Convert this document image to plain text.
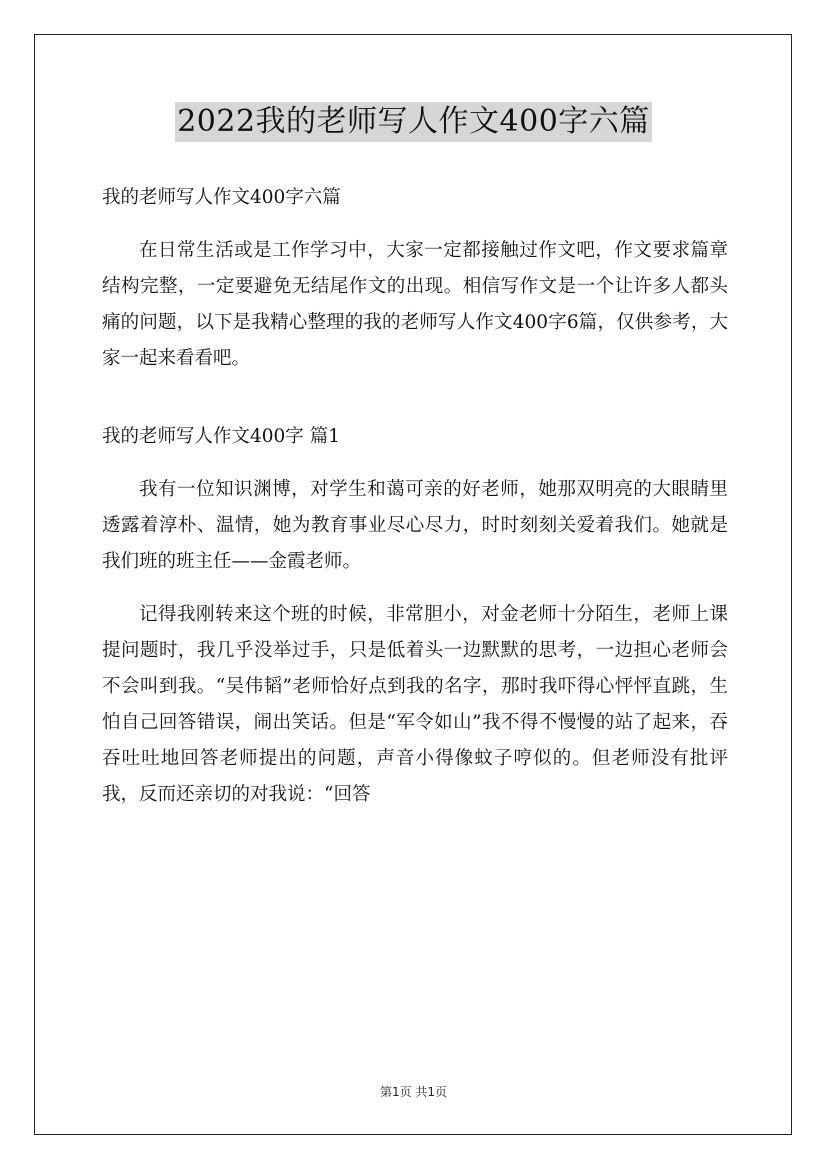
2022我的老师写人作文400字六篇

我的老师写人作文400字六篇

在日常生活或是工作学习中，大家一定都接触过作文吧，作文要求篇章结构完整，一定要避免无结尾作文的出现。相信写作文是一个让许多人都头痛的问题，以下是我精心整理的我的老师写人作文400字6篇，仅供参考，大家一起来看看吧。

我的老师写人作文400字 篇1

我有一位知识渊博，对学生和蔼可亲的好老师，她那双明亮的大眼睛里透露着淳朴、温情，她为教育事业尽心尽力，时时刻刻关爱着我们。她就是我们班的班主任——金霞老师。

记得我刚转来这个班的时候，非常胆小，对金老师十分陌生，老师上课提问题时，我几乎没举过手，只是低着头一边默默的思考，一边担心老师会不会叫到我。“吴伟韬”老师恰好点到我的名字，那时我吓得心怦怦直跳，生怕自己回答错误，闹出笑话。但是“军令如山”我不得不慢慢的站了起来，吞吞吐吐地回答老师提出的问题，声音小得像蚊子哼似的。但老师没有批评我，反而还亲切的对我说：“回答

第1页 共1页
